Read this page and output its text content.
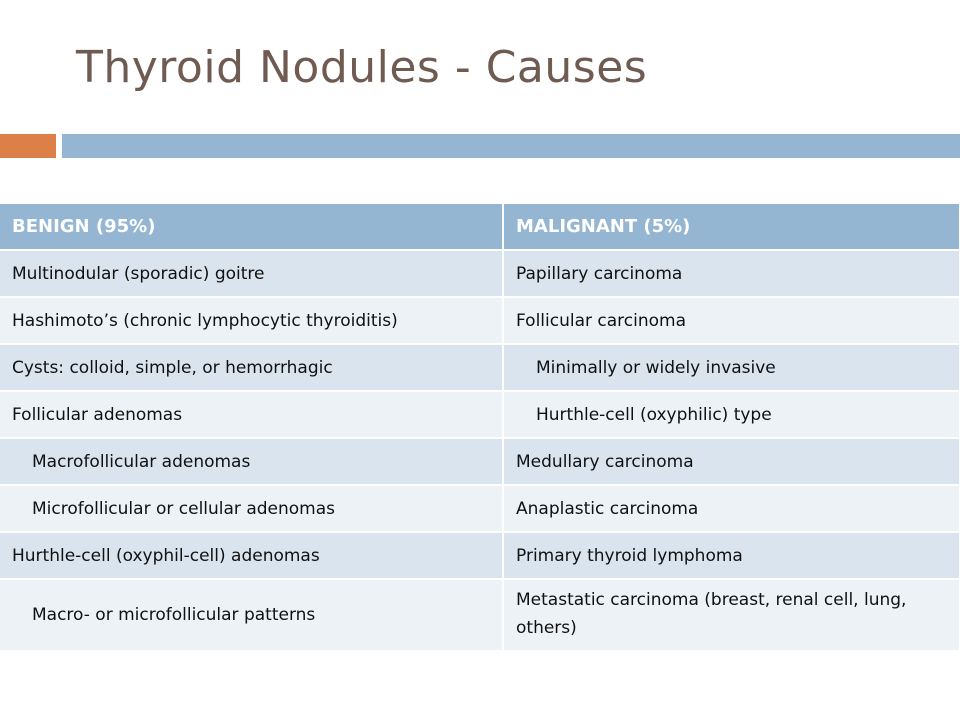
Thyroid Nodules - Causes
BENIGN (95%)	MALIGNANT (5%)
Multinodular (sporadic) goitre	Papillary carcinoma
Hashimoto’s (chronic lymphocytic thyroiditis)	Follicular carcinoma
Cysts: colloid, simple, or hemorrhagic	Minimally or widely invasive
Follicular adenomas	Hurthle-cell (oxyphilic) type
Macrofollicular adenomas	Medullary carcinoma
Microfollicular or cellular adenomas	Anaplastic carcinoma
Hurthle-cell (oxyphil-cell) adenomas	Primary thyroid lymphoma
Macro- or microfollicular patterns	Metastatic carcinoma (breast, renal cell, lung, others)
